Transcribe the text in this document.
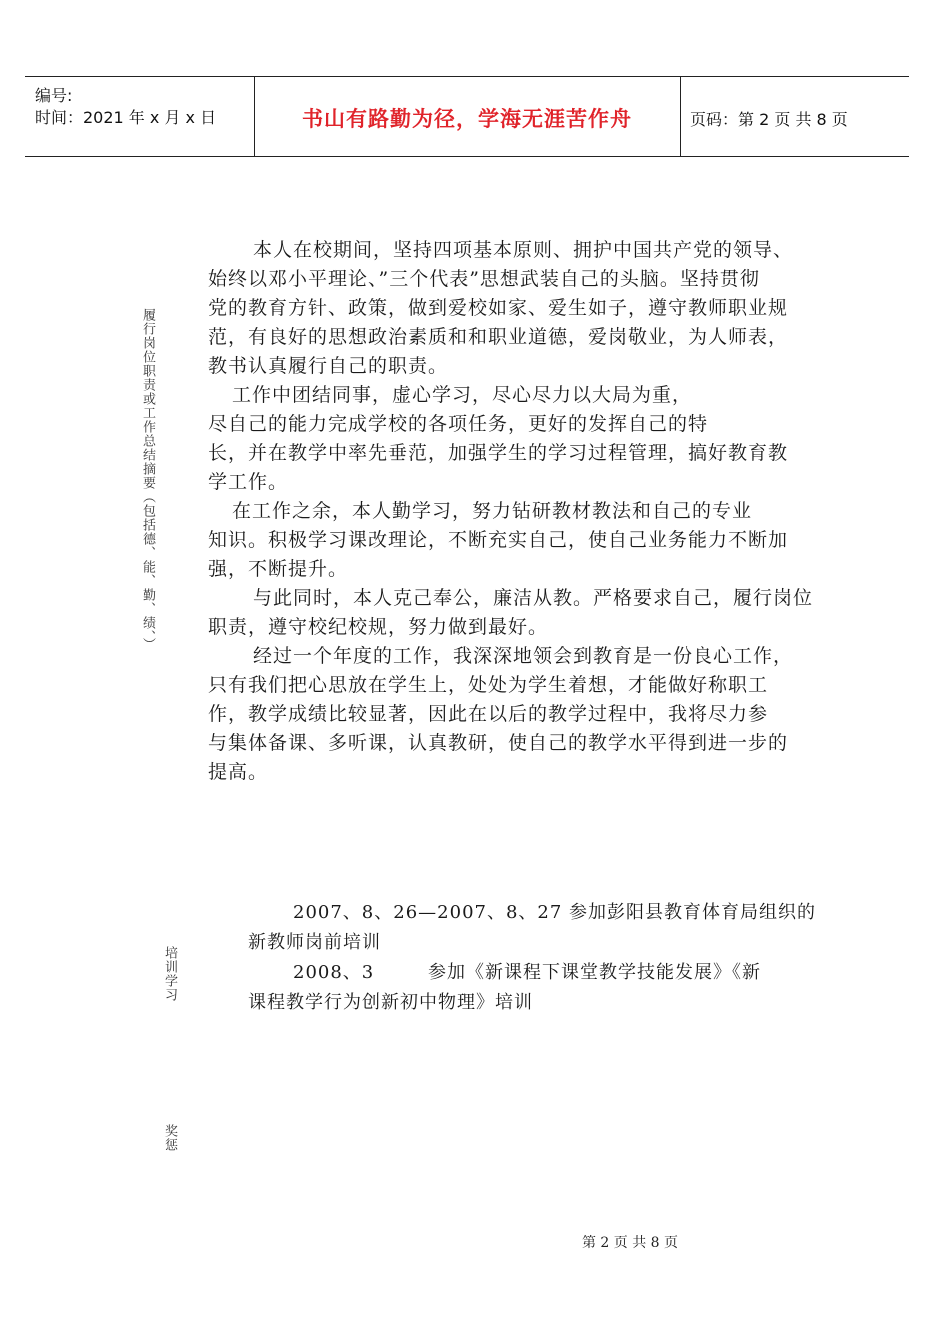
编号:
时间：2021 年 x 月 x 日	书山有路勤为径，学海无涯苦作舟	页码：第 2 页 共 8 页
履行岗位职责或工作总结摘要（包括德、能、勤、绩、）
本人在校期间，坚持四项基本原则、拥护中国共产党的领导、
始终以邓小平理论、”三个代表”思想武装自己的头脑。坚持贯彻
党的教育方针、政策，做到爱校如家、爱生如子，遵守教师职业规
范，有良好的思想政治素质和和职业道德，爱岗敬业，为人师表，
教书认真履行自己的职责。
工作中团结同事，虚心学习，尽心尽力以大局为重，
尽自己的能力完成学校的各项任务，更好的发挥自己的特
长，并在教学中率先垂范，加强学生的学习过程管理，搞好教育教
学工作。
在工作之余，本人勤学习，努力钻研教材教法和自己的专业
知识。积极学习课改理论，不断充实自己，使自己业务能力不断加
强，不断提升。
与此同时，本人克己奉公，廉洁从教。严格要求自己，履行岗位
职责，遵守校纪校规，努力做到最好。
经过一个年度的工作，我深深地领会到教育是一份良心工作，
只有我们把心思放在学生上，处处为学生着想，才能做好称职工
作，教学成绩比较显著，因此在以后的教学过程中，我将尽力参
与集体备课、多听课，认真教研，使自己的教学水平得到进一步的
提高。
培训学习
2007、8、26—2007、8、27 参加彭阳县教育体育局组织的
新教师岗前培训
2008、3        参加《新课程下课堂教学技能发展》《新
课程教学行为创新初中物理》培训
奖惩
第 2 页 共 8 页
